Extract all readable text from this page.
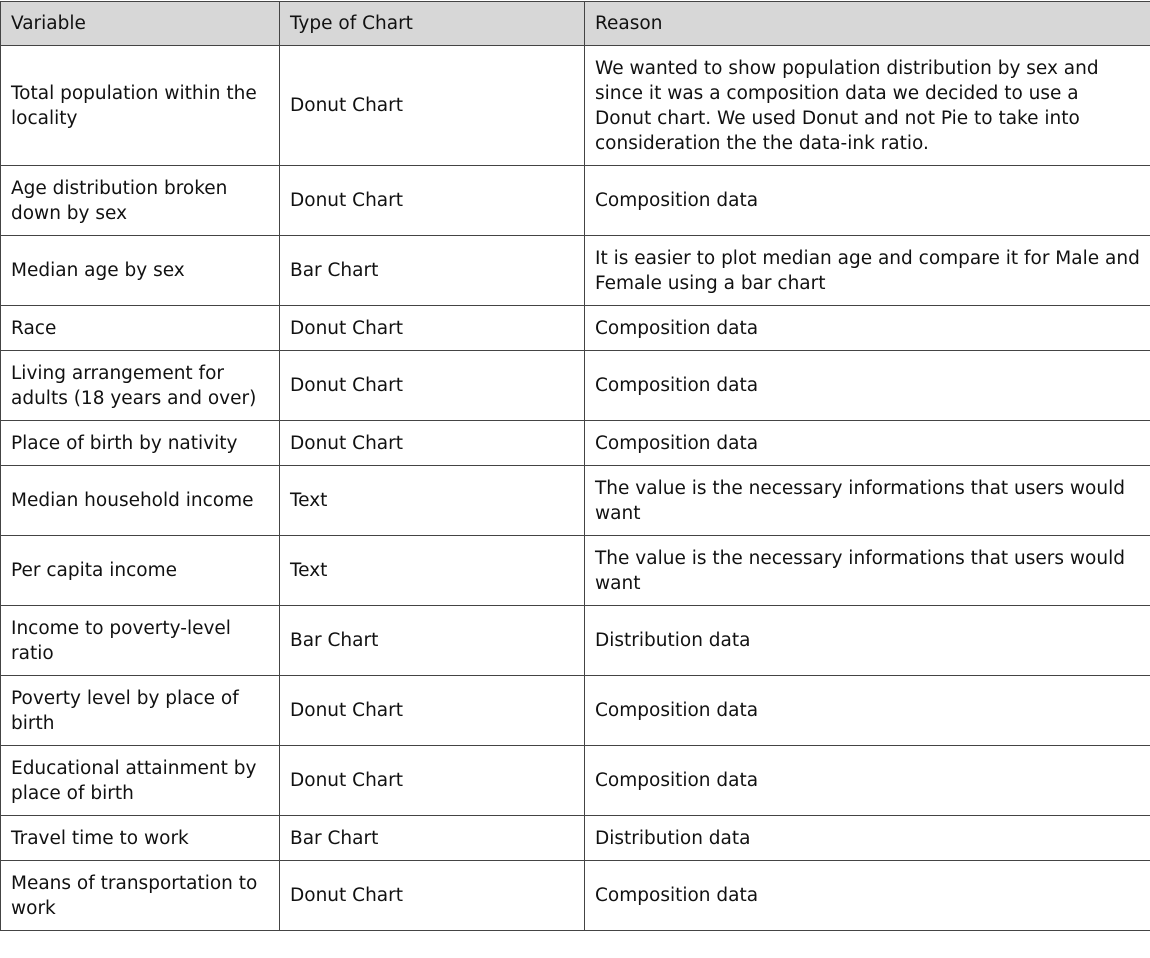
Variable	Type of Chart	Reason
Total population within the locality	Donut Chart	We wanted to show population distribution by sex and since it was a composition data we decided to use a Donut chart. We used Donut and not Pie to take into consideration the the data-ink ratio.
Age distribution broken down by sex	Donut Chart	Composition data
Median age by sex	Bar Chart	It is easier to plot median age and compare it for Male and Female using a bar chart
Race	Donut Chart	Composition data
Living arrangement for adults (18 years and over)	Donut Chart	Composition data
Place of birth by nativity	Donut Chart	Composition data
Median household income	Text	The value is the necessary informations that users would want
Per capita income	Text	The value is the necessary informations that users would want
Income to poverty-level ratio	Bar Chart	Distribution data
Poverty level by place of birth	Donut Chart	Composition data
Educational attainment by place of birth	Donut Chart	Composition data
Travel time to work	Bar Chart	Distribution data
Means of transportation to work	Donut Chart	Composition data
